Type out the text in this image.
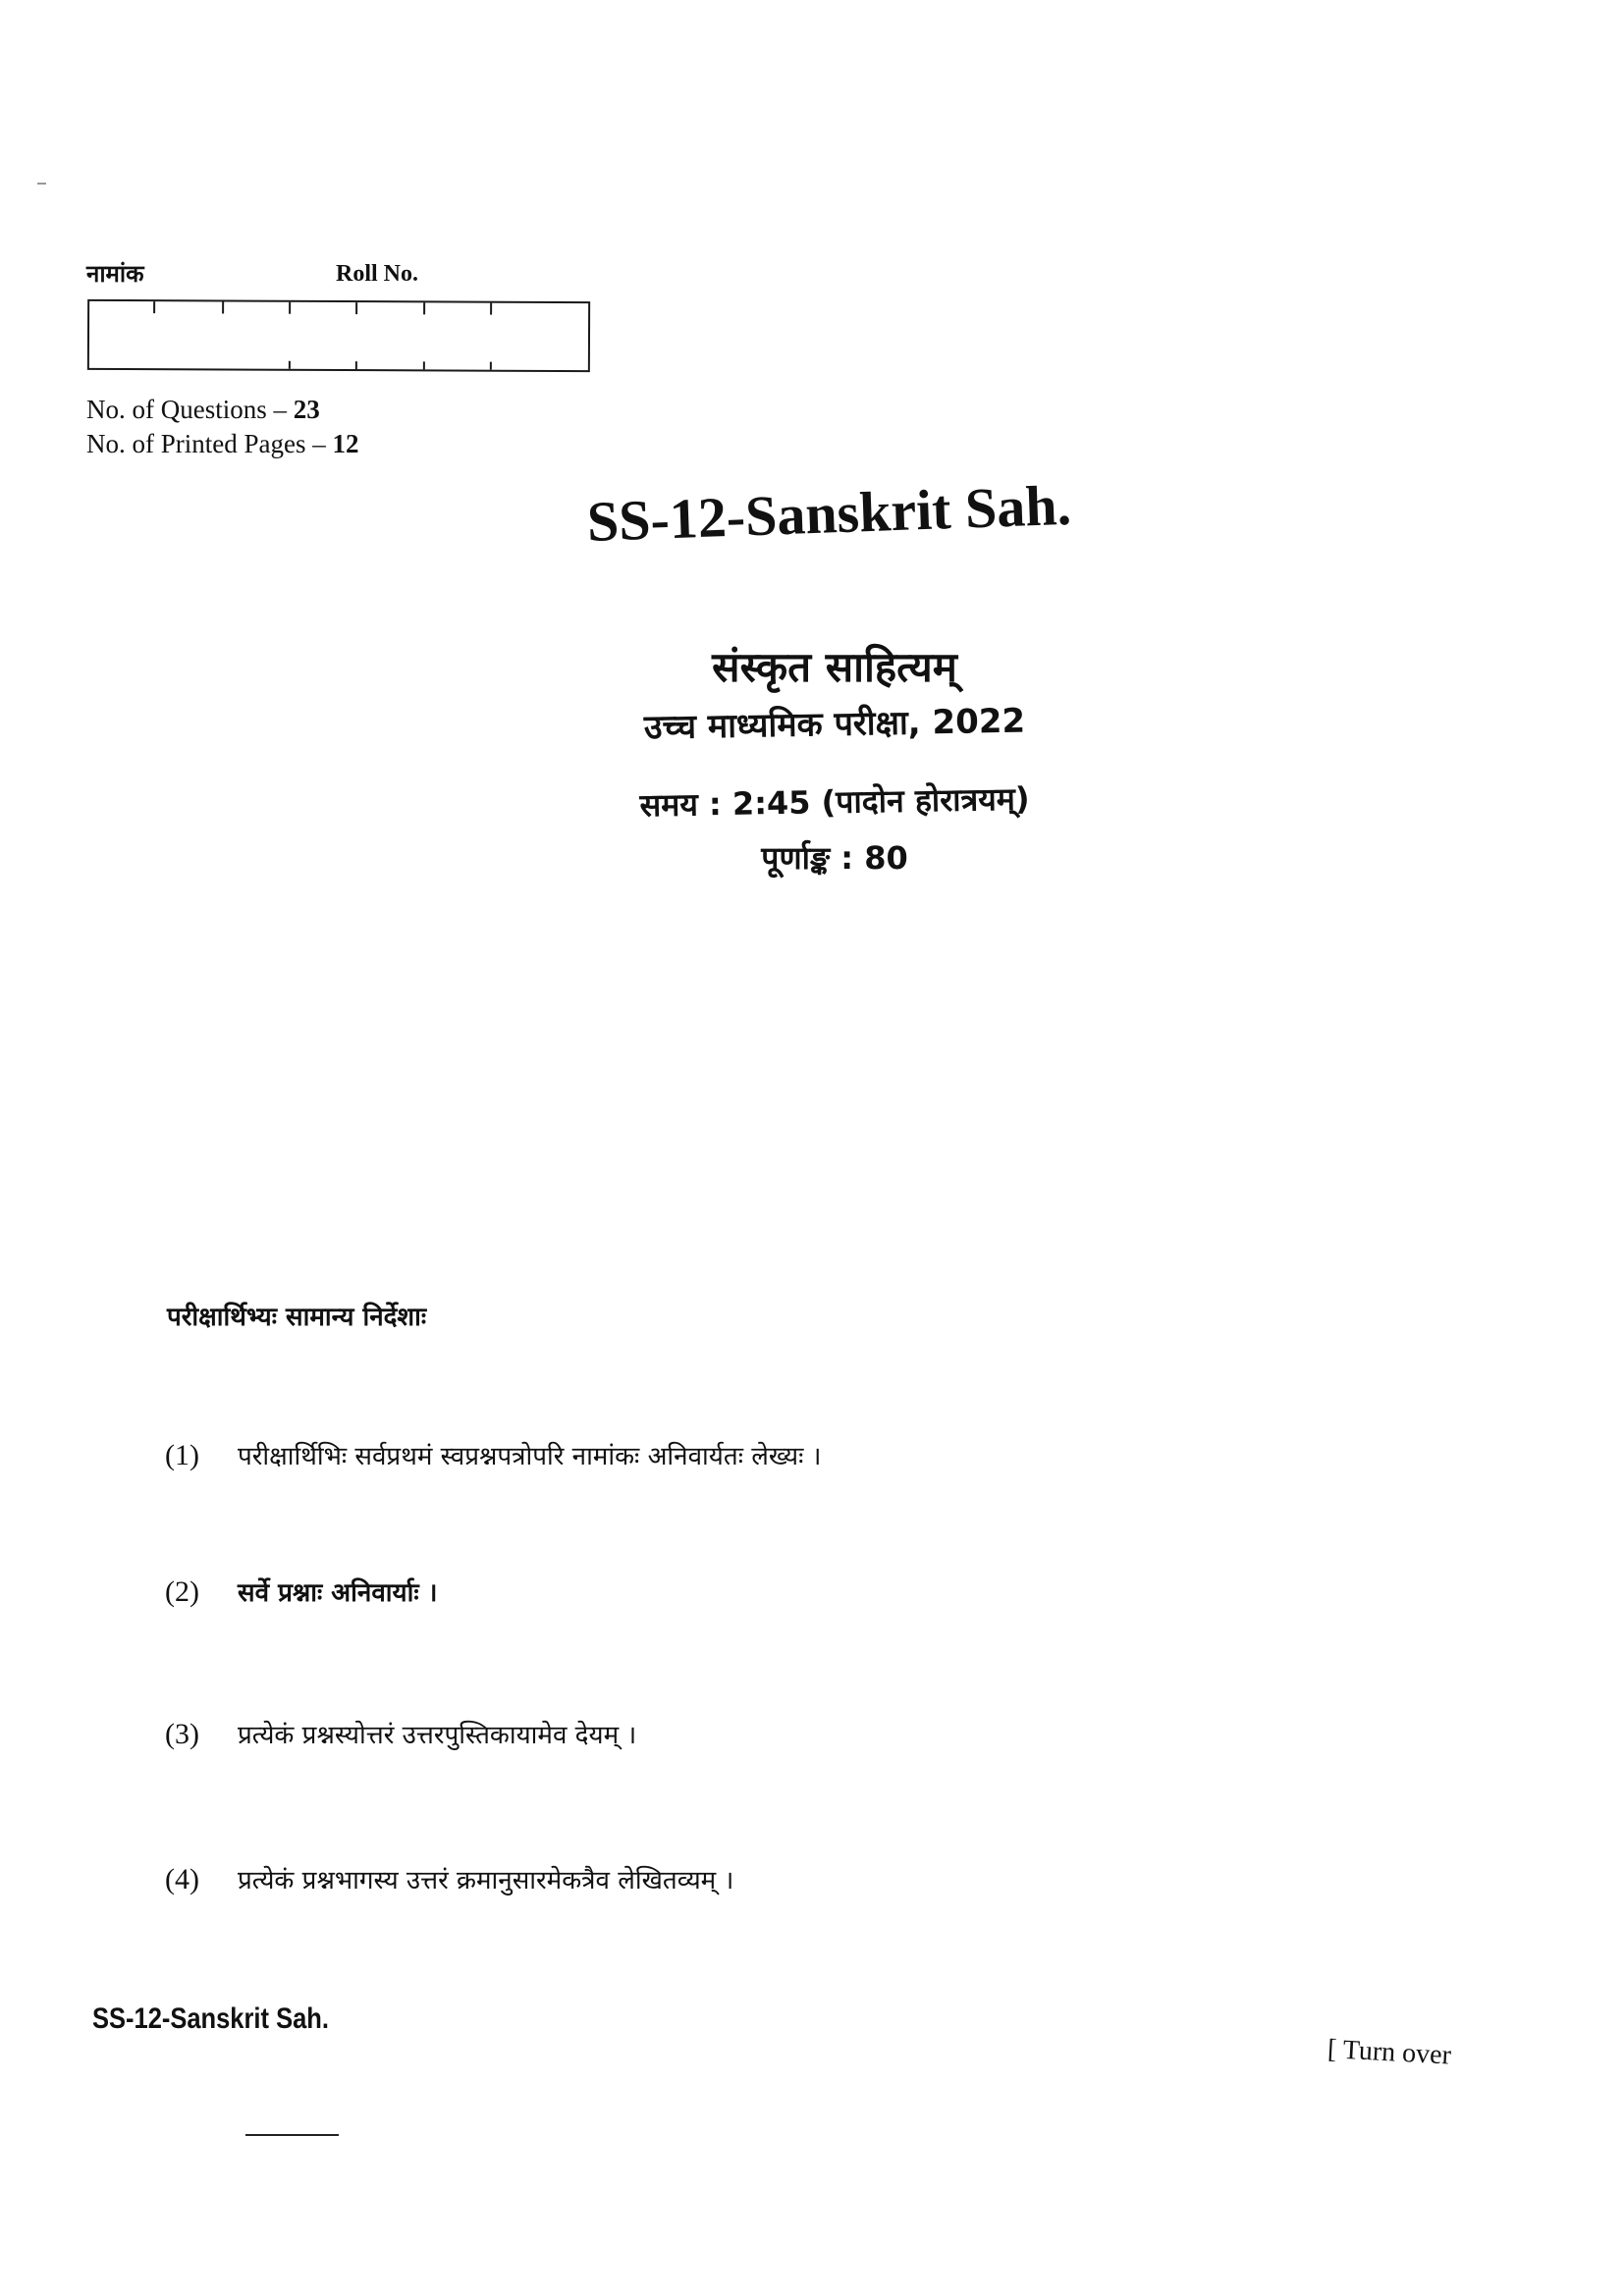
नामांक	Roll No.
No. of Questions – 23
No. of Printed Pages – 12
SS-12-Sanskrit Sah.
संस्कृत साहित्यम्
उच्च माध्यमिक परीक्षा, 2022
समय : 2:45 (पादोन होरात्रयम्)
पूर्णाङ्क : 80
परीक्षार्थिभ्यः सामान्य निर्देशाः
(1) परीक्षार्थिभिः सर्वप्रथमं स्वप्रश्नपत्रोपरि नामांकः अनिवार्यतः लेख्यः ।
(2) सर्वे प्रश्नाः अनिवार्याः ।
(3) प्रत्येकं प्रश्नस्योत्तरं उत्तरपुस्तिकायामेव देयम् ।
(4) प्रत्येकं प्रश्नभागस्य उत्तरं क्रमानुसारमेकत्रैव लेखितव्यम् ।
SS-12-Sanskrit Sah.
[ Turn over
